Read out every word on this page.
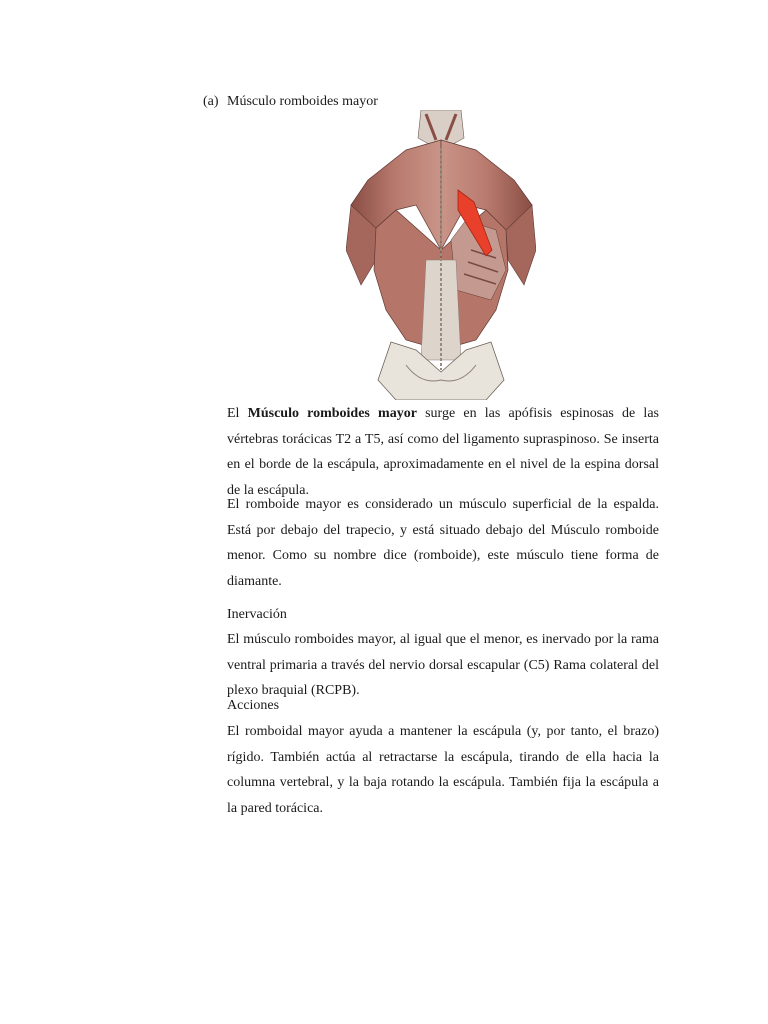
(a) Músculo romboides mayor

El Músculo romboides mayor surge en las apófisis espinosas de las vértebras torácicas T2 a T5, así como del ligamento supraspinoso. Se inserta en el borde de la escápula, aproximadamente en el nivel de la espina dorsal de la escápula.

El romboide mayor es considerado un músculo superficial de la espalda. Está por debajo del trapecio, y está situado debajo del Músculo romboide menor. Como su nombre dice (romboide), este músculo tiene forma de diamante.

Inervación

El músculo romboides mayor, al igual que el menor, es inervado por la rama ventral primaria a través del nervio dorsal escapular (C5) Rama colateral del plexo braquial (RCPB).

Acciones

El romboidal mayor ayuda a mantener la escápula (y, por tanto, el brazo) rígido. También actúa al retractarse la escápula, tirando de ella hacia la columna vertebral, y la baja rotando la escápula. También fija la escápula a la pared torácica.
